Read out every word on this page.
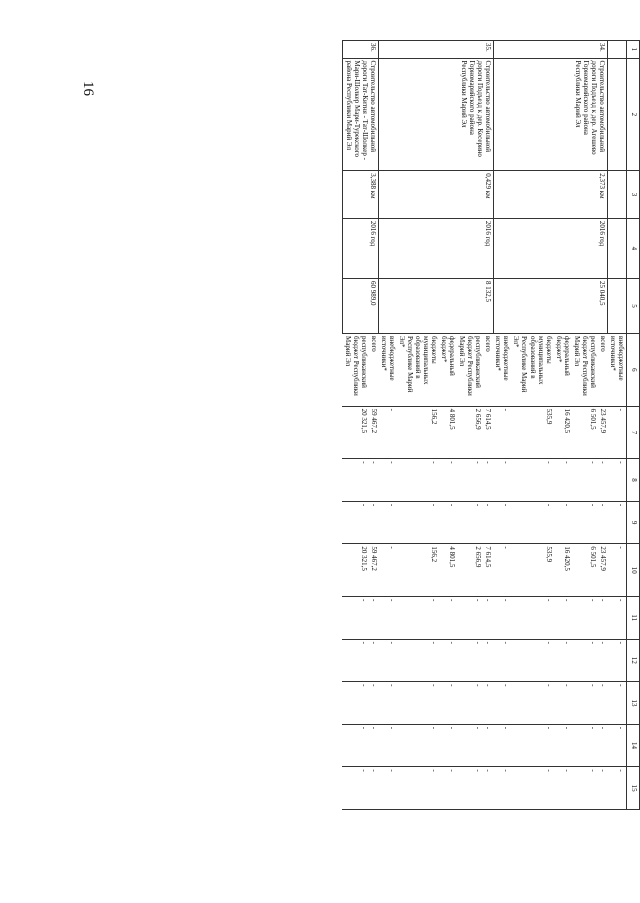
16
1	2	3	4	5	6	7	8	9	10	11	12	13	14	15
					внебюджетные источники*	-	-	-	-	-	-	-	-	-
34.	Строительство автомобильной дороги Подъезд к дер. Агешево Горномарийского района Республики Марий Эл	2,373 км	2016 год	25 040,5	всего	23 457,9	-	-	23 457,9	-	-	-	-	-
					республиканский бюджет Республики Марий Эл	6 501,5	-	-	6 501,5	-	-	-	-	-
					федеральный бюджет*	16 420,5	-	-	16 420,5	-	-	-	-	-
					бюджеты муниципальных образований в Республике Марий Эл*	535,9	-	-	535,9	-	-	-	-	-
					внебюджетные источники*	-	-	-	-	-	-	-	-	-
35.	Строительство автомобильной дороги Подъезд к дер. Кесерино Горномарийского района Республики Марий Эл	0,429 км	2016 год	8 132,5	всего	7 614,5	-	-	7 614,5	-	-	-	-	-
					республиканский бюджет Республики Марий Эл	2 656,9	-	-	2 656,9	-	-	-	-	-
					федеральный бюджет*	4 801,5	-	-	4 801,5	-	-	-	-	-
					бюджеты муниципальных образований в Республике Марий Эл*	156,2	-	-	156,2	-	-	-	-	-
					внебюджетные источники*	-	-	-	-	-	-	-	-	-
36.	Строительство автомобильной дороги Тат-Китня - Тат-Шолкер - Мари-Шолкер Мари-Турекского района Республики Марий Эл	3,388 км	2016 год	60 989,0	всего	59 467,2	-	-	59 467,2	-	-	-	-	-
					республиканский бюджет Республики Марий Эл	20 321,5	-	-	20 321,5	-	-	-	-	-
